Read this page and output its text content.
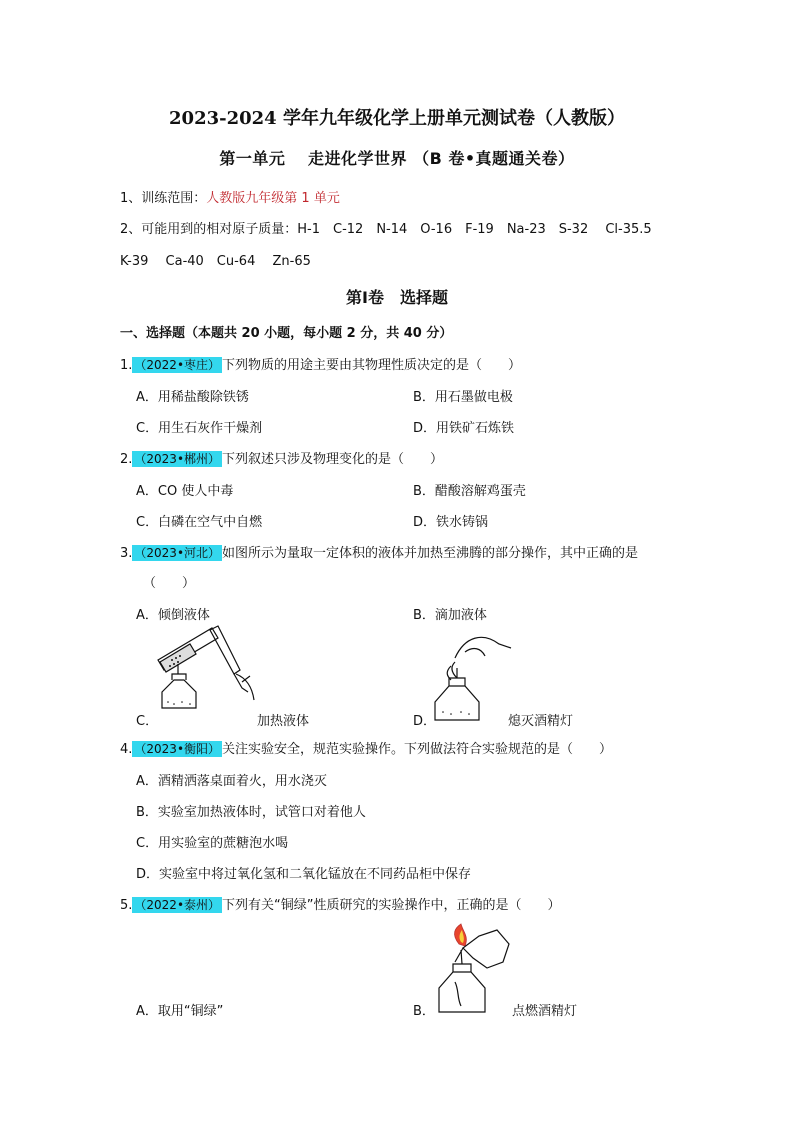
2023-2024 学年九年级化学上册单元测试卷（人教版）
第一单元　 走进化学世界 （B 卷•真题通关卷）
1、训练范围：人教版九年级第 1 单元
2、可能用到的相对原子质量：H-1　C-12　N-14　O-16　F-19　Na-23　S-32　 Cl-35.5
K-39　 Ca-40　Cu-64　 Zn-65
第Ⅰ卷　选择题
一、选择题（本题共 20 小题，每小题 2 分，共 40 分）
1. （2022•枣庄） 下列物质的用途主要由其物理性质决定的是（　　）
A．用稀盐酸除铁锈	B．用石墨做电极
C．用生石灰作干燥剂	D．用铁矿石炼铁
2. （2023•郴州） 下列叙述只涉及物理变化的是（　　）
A．CO 使人中毒	B．醋酸溶解鸡蛋壳
C．白磷在空气中自燃	D．铁水铸锅
3. （2023•河北） 如图所示为量取一定体积的液体并加热至沸腾的部分操作，其中正确的是
（　　）
A．倾倒液体	B．滴加液体
C．	加热液体	D．	熄灭酒精灯
4. （2023•衡阳） 关注实验安全，规范实验操作。下列做法符合实验规范的是（　　）
A．酒精洒落桌面着火，用水浇灭
B．实验室加热液体时，试管口对着他人
C．用实验室的蔗糖泡水喝
D．实验室中将过氧化氢和二氧化锰放在不同药品柜中保存
5. （2022•泰州） 下列有关“铜绿”性质研究的实验操作中，正确的是（　　）
A．取用“铜绿”	B．	点燃酒精灯
